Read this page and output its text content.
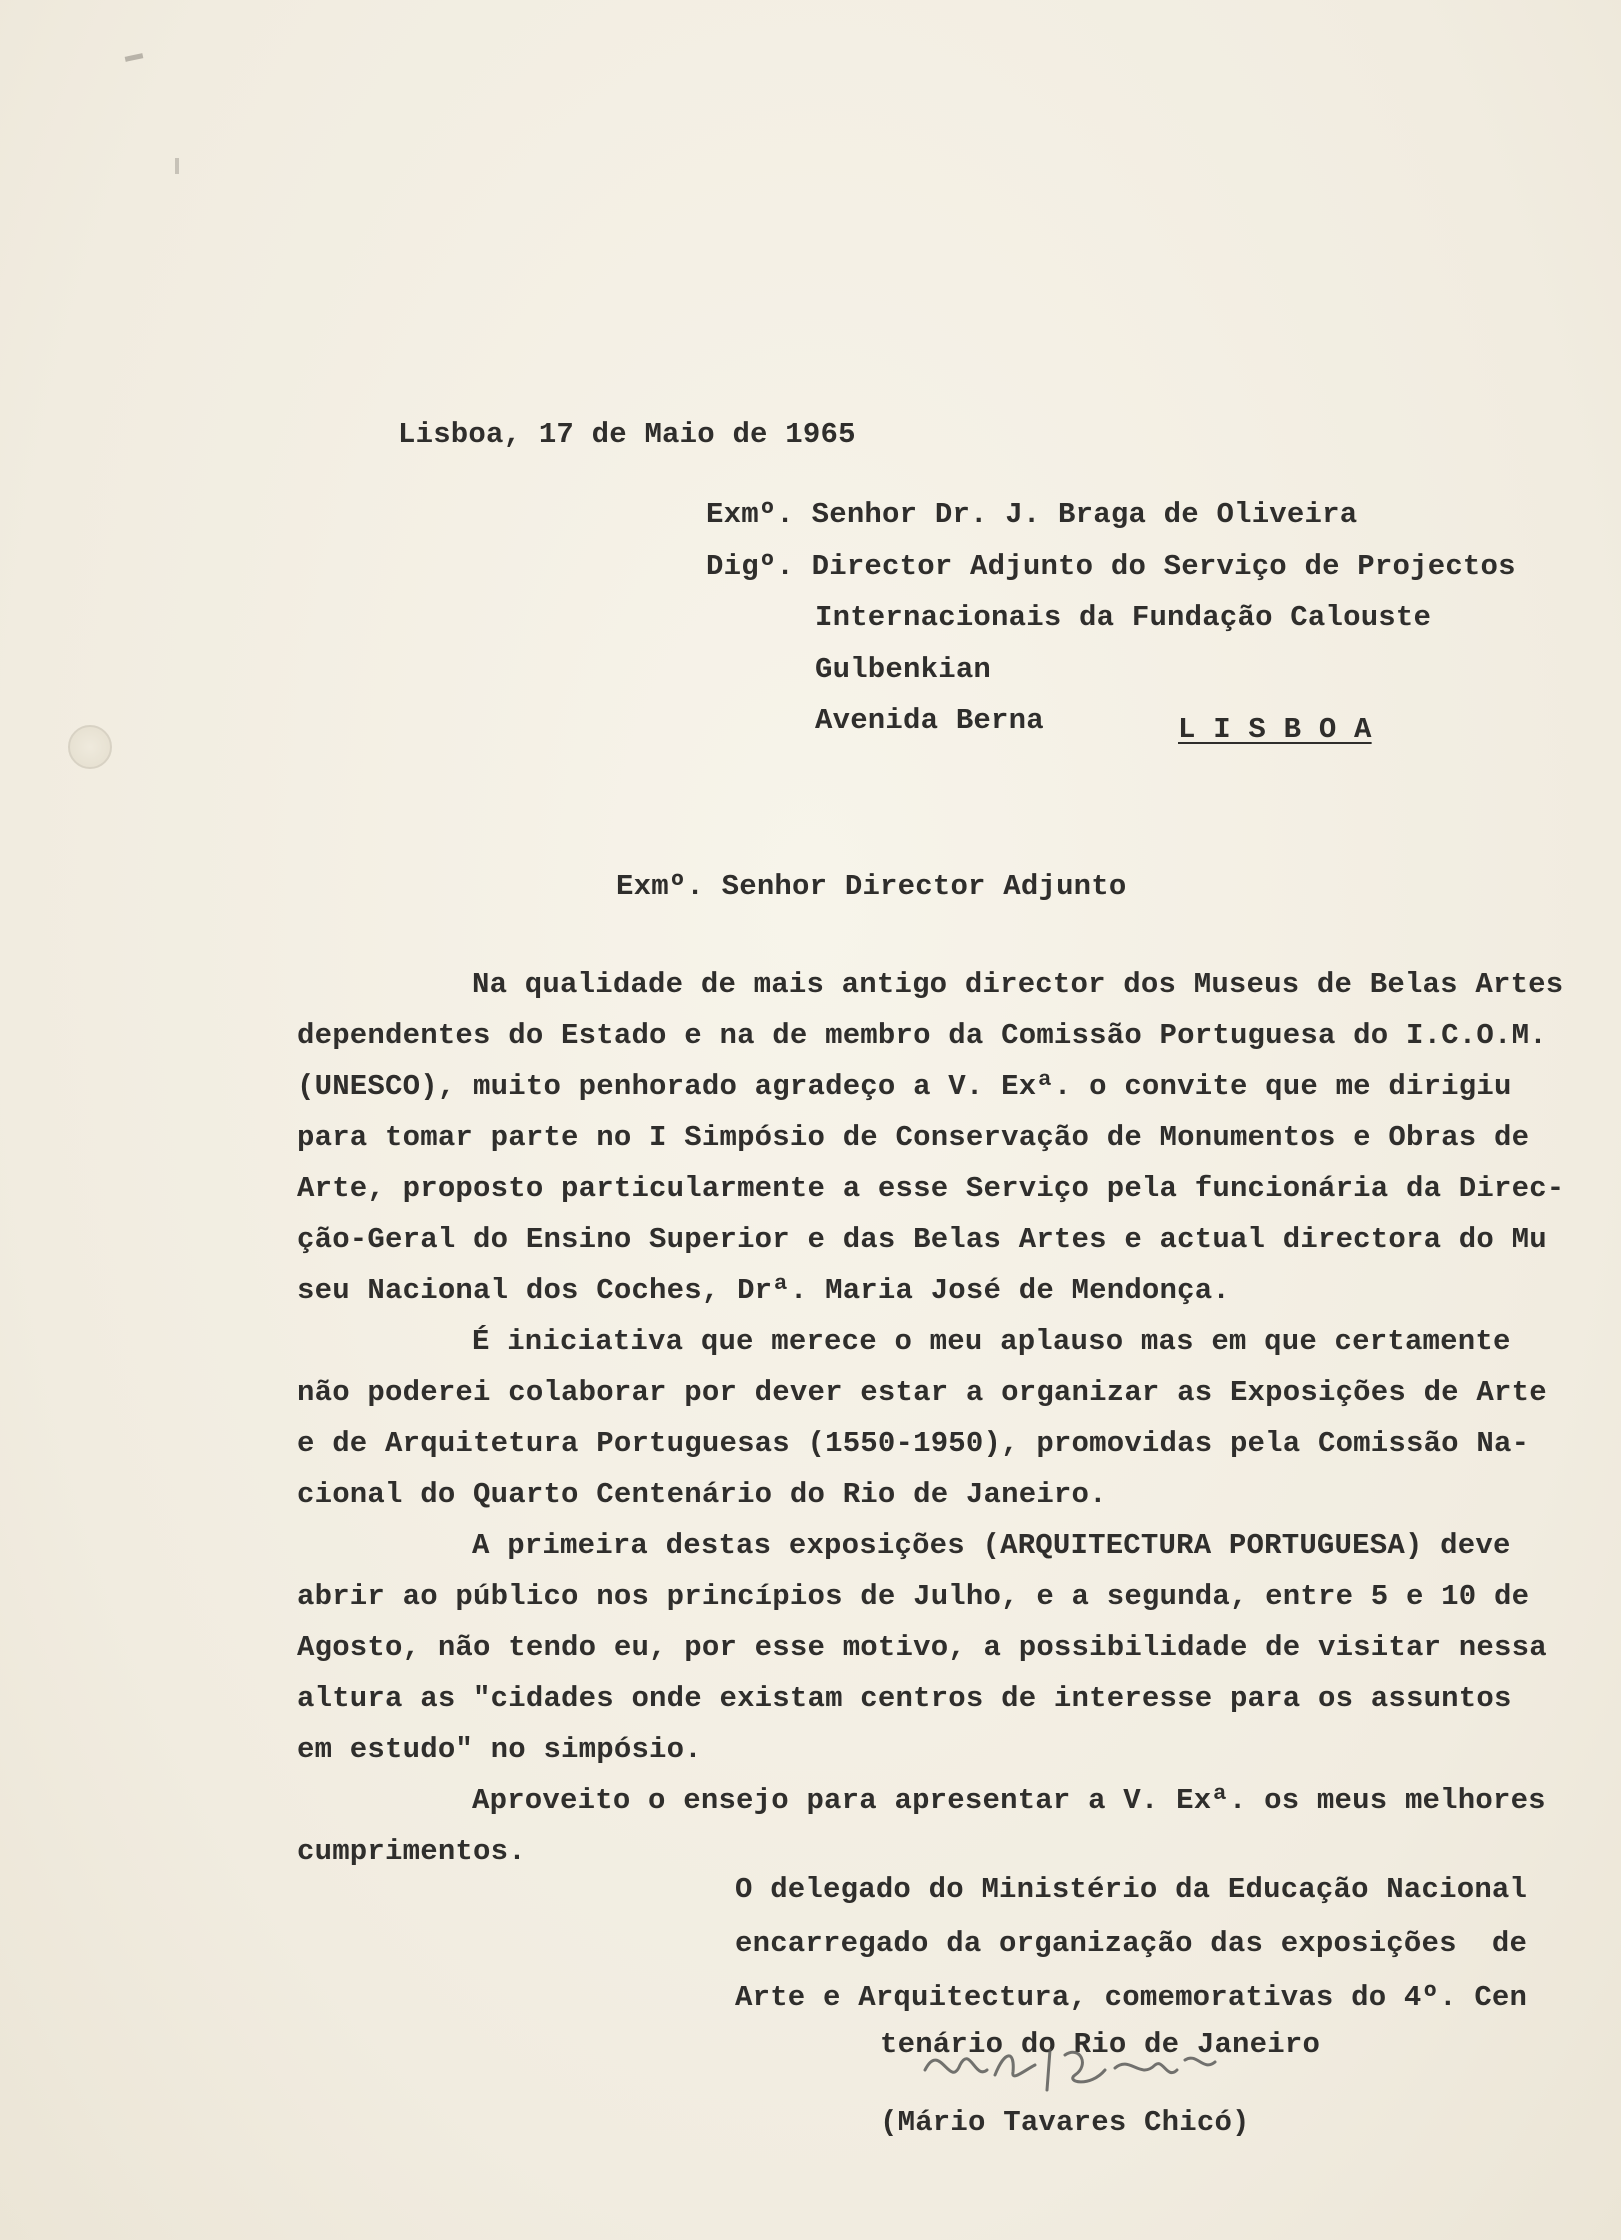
Lisboa, 17 de Maio de 1965
Exmº. Senhor Dr. J. Braga de Oliveira
Digº. Director Adjunto do Serviço de Projectos
Internacionais da Fundação Calouste
Gulbenkian
Avenida Berna	L I S B O A
Exmº. Senhor Director Adjunto
Na qualidade de mais antigo director dos Museus de Belas Artes
dependentes do Estado e na de membro da Comissão Portuguesa do I.C.O.M.
(UNESCO), muito penhorado agradeço a V. Exª. o convite que me dirigiu
para tomar parte no I Simpósio de Conservação de Monumentos e Obras de
Arte, proposto particularmente a esse Serviço pela funcionária da Direc-
ção-Geral do Ensino Superior e das Belas Artes e actual directora do Mu
seu Nacional dos Coches, Drª. Maria José de Mendonça.
É iniciativa que merece o meu aplauso mas em que certamente
não poderei colaborar por dever estar a organizar as Exposições de Arte
e de Arquitetura Portuguesas (1550-1950), promovidas pela Comissão Na-
cional do Quarto Centenário do Rio de Janeiro.
A primeira destas exposições (ARQUITECTURA PORTUGUESA) deve
abrir ao público nos princípios de Julho, e a segunda, entre 5 e 10 de
Agosto, não tendo eu, por esse motivo, a possibilidade de visitar nessa
altura as "cidades onde existam centros de interesse para os assuntos
em estudo" no simpósio.
Aproveito o ensejo para apresentar a V. Exª. os meus melhores
cumprimentos.
O delegado do Ministério da Educação Nacional
encarregado da organização das exposições  de
Arte e Arquitectura, comemorativas do 4º. Cen
tenário do Rio de Janeiro
(Mário Tavares Chicó)
